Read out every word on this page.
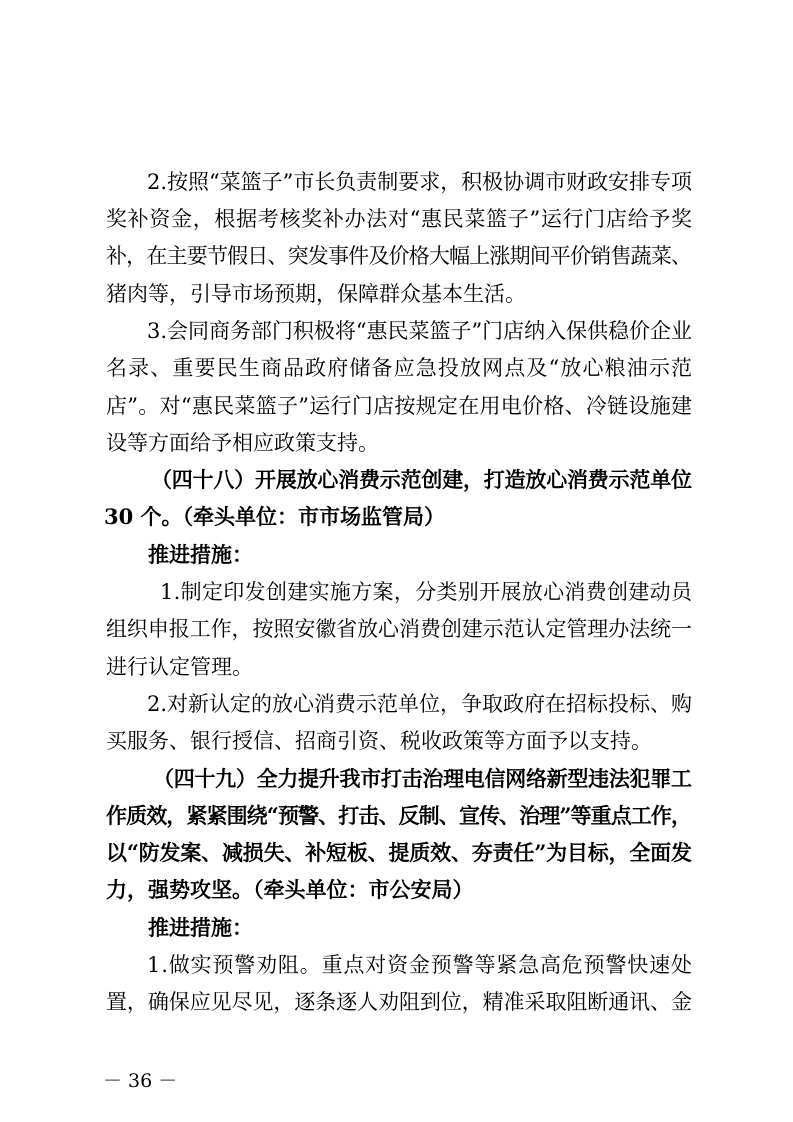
2.按照“菜篮子”市长负责制要求，积极协调市财政安排专项
奖补资金，根据考核奖补办法对“惠民菜篮子”运行门店给予奖
补，在主要节假日、突发事件及价格大幅上涨期间平价销售蔬菜、
猪肉等，引导市场预期，保障群众基本生活。
3.会同商务部门积极将“惠民菜篮子”门店纳入保供稳价企业
名录、重要民生商品政府储备应急投放网点及“放心粮油示范
店”。对“惠民菜篮子”运行门店按规定在用电价格、冷链设施建
设等方面给予相应政策支持。
（四十八）开展放心消费示范创建，打造放心消费示范单位
30 个。（牵头单位：市市场监管局）
推进措施：
1.制定印发创建实施方案，分类别开展放心消费创建动员
组织申报工作，按照安徽省放心消费创建示范认定管理办法统一
进行认定管理。
2.对新认定的放心消费示范单位，争取政府在招标投标、购
买服务、银行授信、招商引资、税收政策等方面予以支持。
（四十九）全力提升我市打击治理电信网络新型违法犯罪工
作质效，紧紧围绕“预警、打击、反制、宣传、治理”等重点工作，
以“防发案、减损失、补短板、提质效、夯责任”为目标，全面发
力，强势攻坚。（牵头单位：市公安局）
推进措施：
1.做实预警劝阻。重点对资金预警等紧急高危预警快速处
置，确保应见尽见，逐条逐人劝阻到位，精准采取阻断通讯、金
－ 36 －
